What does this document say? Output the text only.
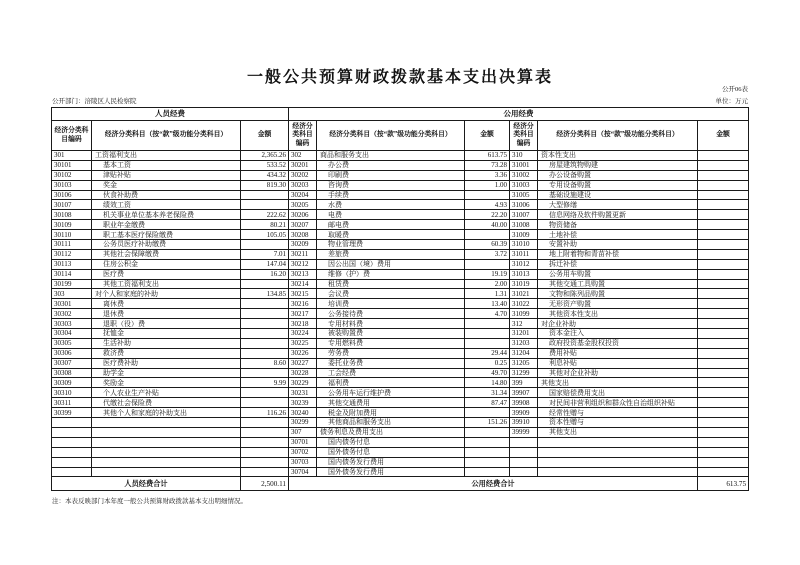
一般公共预算财政拨款基本支出决算表
公开06表
公开部门：涪陵区人民检察院	单位：万元
人员经费			公用经费					
经济分类科目编码	经济分类科目（按“款”级功能分类科目）	金额	经济分类科目编码	经济分类科目（按“款”级功能分类科目）	金额	经济分类科目编码	经济分类科目（按“款”级功能分类科目）	金额
301	工资福利支出	2,365.26	302	商品和服务支出	613.75	310	资本性支出	
30101	基本工资	533.52	30201	办公费	73.28	31001	房屋建筑物购建	
30102	津贴补贴	434.32	30202	印刷费	3.36	31002	办公设备购置	
30103	奖金	819.30	30203	咨询费	1.00	31003	专用设备购置	
30106	伙食补助费		30204	手续费		31005	基础设施建设	
30107	绩效工资		30205	水费	4.93	31006	大型修缮	
30108	机关事业单位基本养老保险费	222.62	30206	电费	22.20	31007	信息网络及软件购置更新	
30109	职业年金缴费	80.21	30207	邮电费	40.00	31008	物资储备	
30110	职工基本医疗保险缴费	105.05	30208	取暖费		31009	土地补偿	
30111	公务员医疗补助缴费		30209	物业管理费	60.39	31010	安置补助	
30112	其他社会保障缴费	7.01	30211	差旅费	3.72	31011	地上附着物和青苗补偿	
30113	住房公积金	147.04	30212	因公出国（境）费用		31012	拆迁补偿	
30114	医疗费	16.20	30213	维修（护）费	19.19	31013	公务用车购置	
30199	其他工资福利支出		30214	租赁费	2.00	31019	其他交通工具购置	
303	对个人和家庭的补助	134.85	30215	会议费	1.31	31021	文物和陈列品购置	
30301	离休费		30216	培训费	13.40	31022	无形资产购置	
30302	退休费		30217	公务接待费	4.70	31099	其他资本性支出	
30303	退职（役）费		30218	专用材料费		312	对企业补助	
30304	抚恤金		30224	被装购置费		31201	资本金注入	
30305	生活补助		30225	专用燃料费		31203	政府投资基金股权投资	
30306	救济费		30226	劳务费	29.44	31204	费用补贴	
30307	医疗费补助	8.60	30227	委托业务费	0.25	31205	利息补贴	
30308	助学金		30228	工会经费	49.70	31299	其他对企业补助	
30309	奖励金	9.99	30229	福利费	14.80	399	其他支出	
30310	个人农业生产补贴		30231	公务用车运行维护费	31.34	39907	国家赔偿费用支出	
30311	代缴社会保险费		30239	其他交通费用	87.47	39908	对民间非营利组织和群众性自治组织补贴	
30399	其他个人和家庭的补助支出	116.26	30240	税金及附加费用		39909	经常性赠与	
			30299	其他商品和服务支出	151.26	39910	资本性赠与	
			307	债务利息及费用支出		39999	其他支出	
			30701	国内债务付息				
			30702	国外债务付息				
			30703	国内债务发行费用				
			30704	国外债务发行费用				
人员经费合计		2,500.11	公用经费合计					613.75
注：本表反映部门本年度一般公共预算财政拨款基本支出明细情况。
